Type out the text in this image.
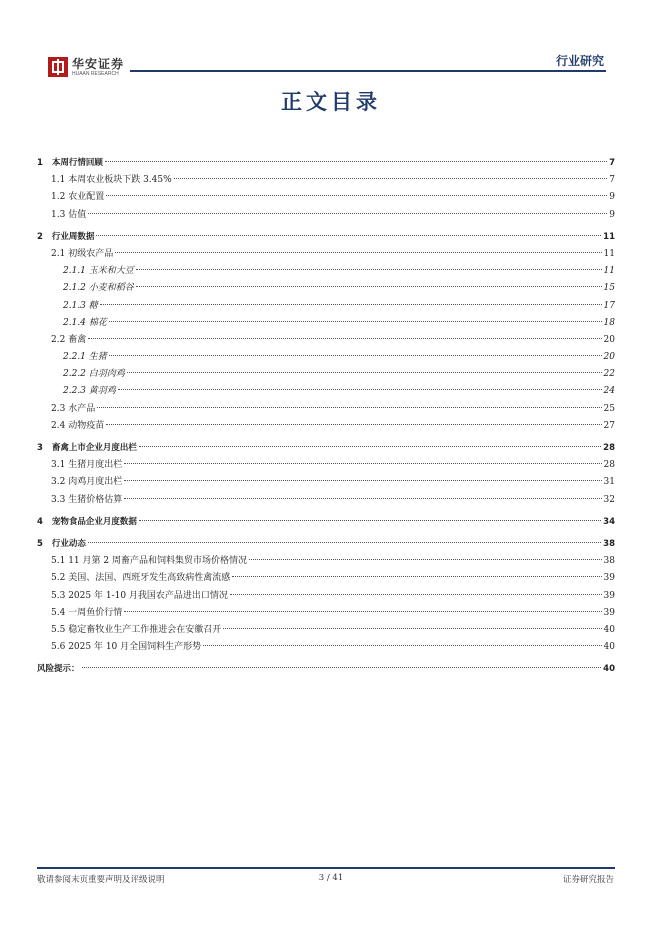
华安证券
HUAAN RESEARCH
行业研究
正文目录
1 本周行情回顾	7
1.1 本周农业板块下跌 3.45%	7
1.2 农业配置	9
1.3 估值	9
2 行业周数据	11
2.1 初级农产品	11
2.1.1 玉米和大豆	11
2.1.2 小麦和稻谷	15
2.1.3 糖	17
2.1.4 棉花	18
2.2 畜禽	20
2.2.1 生猪	20
2.2.2 白羽肉鸡	22
2.2.3 黄羽鸡	24
2.3 水产品	25
2.4 动物疫苗	27
3 畜禽上市企业月度出栏	28
3.1 生猪月度出栏	28
3.2 肉鸡月度出栏	31
3.3 生猪价格估算	32
4 宠物食品企业月度数据	34
5 行业动态	38
5.1 11 月第 2 周畜产品和饲料集贸市场价格情况	38
5.2 美国、法国、西班牙发生高致病性禽流感	39
5.3 2025 年 1-10 月我国农产品进出口情况	39
5.4 一周鱼价行情	39
5.5 稳定畜牧业生产工作推进会在安徽召开	40
5.6 2025 年 10 月全国饲料生产形势	40
风险提示：	40
敬请参阅末页重要声明及评级说明	3 / 41	证券研究报告
